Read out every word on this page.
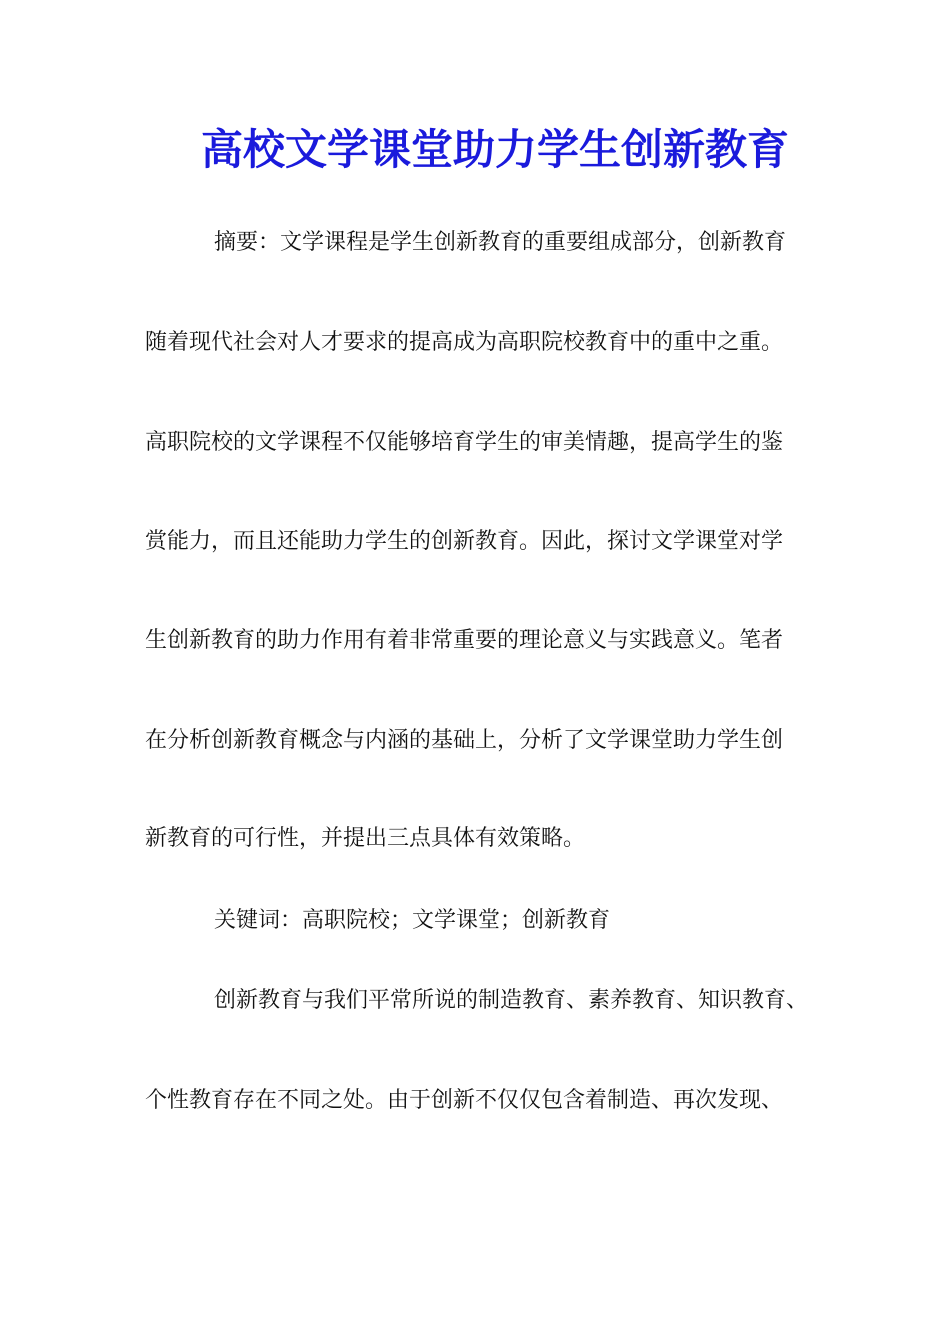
高校文学课堂助力学生创新教育
摘要：文学课程是学生创新教育的重要组成部分，创新教育
随着现代社会对人才要求的提高成为高职院校教育中的重中之重。
高职院校的文学课程不仅能够培育学生的审美情趣，提高学生的鉴
赏能力，而且还能助力学生的创新教育。因此，探讨文学课堂对学
生创新教育的助力作用有着非常重要的理论意义与实践意义。笔者
在分析创新教育概念与内涵的基础上，分析了文学课堂助力学生创
新教育的可行性，并提出三点具体有效策略。
关键词：高职院校；文学课堂；创新教育
创新教育与我们平常所说的制造教育、素养教育、知识教育、
个性教育存在不同之处。由于创新不仅仅包含着制造、再次发现、
